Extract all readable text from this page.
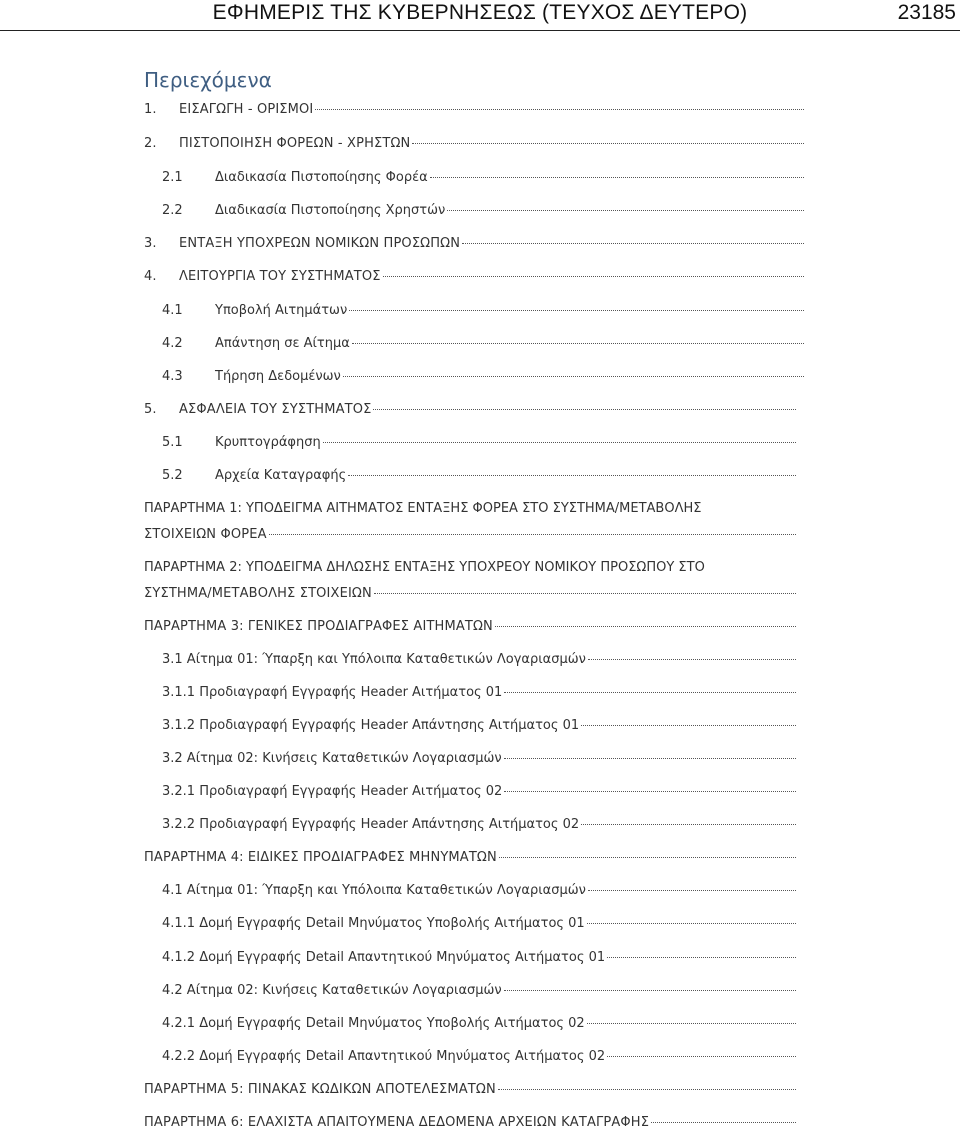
ΕΦΗΜΕΡΙΣ ΤΗΣ ΚΥΒΕΡΝΗΣΕΩΣ (ΤΕΥΧΟΣ ΔΕΥΤΕΡΟ)	23185
Περιεχόμενα
1.	ΕΙΣΑΓΩΓΗ - ΟΡΙΣΜΟΙ
2.	ΠΙΣΤΟΠΟΙΗΣΗ ΦΟΡΕΩΝ - ΧΡΗΣΤΩΝ
2.1	Διαδικασία Πιστοποίησης Φορέα
2.2	Διαδικασία Πιστοποίησης Χρηστών
3.	ΕΝΤΑΞΗ ΥΠΟΧΡΕΩΝ ΝΟΜΙΚΩΝ ΠΡΟΣΩΠΩΝ
4.	ΛΕΙΤΟΥΡΓΙΑ ΤΟΥ ΣΥΣΤΗΜΑΤΟΣ
4.1	Υποβολή Αιτημάτων
4.2	Απάντηση σε Αίτημα
4.3	Τήρηση Δεδομένων
5.	ΑΣΦΑΛΕΙΑ ΤΟΥ ΣΥΣΤΗΜΑΤΟΣ
5.1	Κρυπτογράφηση
5.2	Αρχεία Καταγραφής
ΠΑΡΑΡΤΗΜΑ 1: ΥΠΟΔΕΙΓΜΑ ΑΙΤΗΜΑΤΟΣ ΕΝΤΑΞΗΣ ΦΟΡΕΑ ΣΤΟ ΣΥΣΤΗΜΑ/ΜΕΤΑΒΟΛΗΣ
ΣΤΟΙΧΕΙΩΝ ΦΟΡΕΑ
ΠΑΡΑΡΤΗΜΑ 2: ΥΠΟΔΕΙΓΜΑ ΔΗΛΩΣΗΣ ΕΝΤΑΞΗΣ ΥΠΟΧΡΕΟΥ ΝΟΜΙΚΟΥ ΠΡΟΣΩΠΟΥ ΣΤΟ
ΣΥΣΤΗΜΑ/ΜΕΤΑΒΟΛΗΣ ΣΤΟΙΧΕΙΩΝ
ΠΑΡΑΡΤΗΜΑ 3: ΓΕΝΙΚΕΣ ΠΡΟΔΙΑΓΡΑΦΕΣ ΑΙΤΗΜΑΤΩΝ
3.1 Αίτημα 01: Ύπαρξη και Υπόλοιπα Καταθετικών Λογαριασμών
3.1.1 Προδιαγραφή Εγγραφής Header Αιτήματος 01
3.1.2 Προδιαγραφή Εγγραφής Header Απάντησης Αιτήματος 01
3.2 Αίτημα 02: Κινήσεις Καταθετικών Λογαριασμών
3.2.1 Προδιαγραφή Εγγραφής Header Αιτήματος 02
3.2.2 Προδιαγραφή Εγγραφής Header Απάντησης Αιτήματος 02
ΠΑΡΑΡΤΗΜΑ 4: ΕΙΔΙΚΕΣ ΠΡΟΔΙΑΓΡΑΦΕΣ ΜΗΝΥΜΑΤΩΝ
4.1 Αίτημα 01: Ύπαρξη και Υπόλοιπα Καταθετικών Λογαριασμών
4.1.1 Δομή Εγγραφής Detail Μηνύματος Υποβολής Αιτήματος 01
4.1.2 Δομή Εγγραφής Detail Απαντητικού Μηνύματος Αιτήματος 01
4.2 Αίτημα 02: Κινήσεις Καταθετικών Λογαριασμών
4.2.1 Δομή Εγγραφής Detail Μηνύματος Υποβολής Αιτήματος 02
4.2.2 Δομή Εγγραφής Detail Απαντητικού Μηνύματος Αιτήματος 02
ΠΑΡΑΡΤΗΜΑ 5: ΠΙΝΑΚΑΣ ΚΩΔΙΚΩΝ ΑΠΟΤΕΛΕΣΜΑΤΩΝ
ΠΑΡΑΡΤΗΜΑ 6: ΕΛΑΧΙΣΤΑ ΑΠΑΙΤΟΥΜΕΝΑ ΔΕΔΟΜΕΝΑ ΑΡΧΕΙΩΝ ΚΑΤΑΓΡΑΦΗΣ
